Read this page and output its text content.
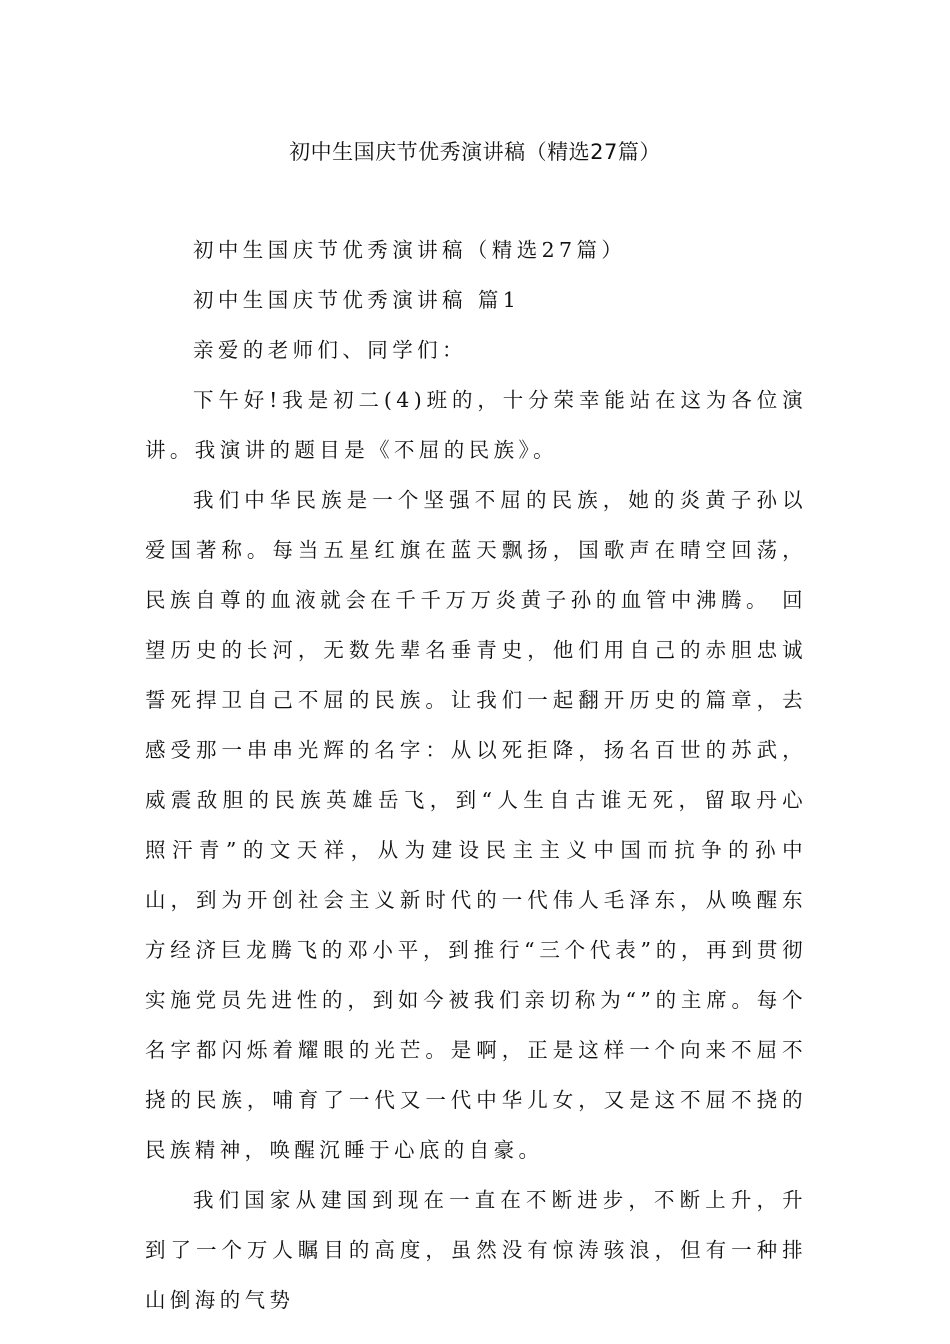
初中生国庆节优秀演讲稿（精选27篇）

初中生国庆节优秀演讲稿（精选27篇）

初中生国庆节优秀演讲稿 篇1

亲爱的老师们、同学们：

下午好!我是初二(4)班的，十分荣幸能站在这为各位演讲。我演讲的题目是《不屈的民族》。

我们中华民族是一个坚强不屈的民族，她的炎黄子孙以爱国著称。每当五星红旗在蓝天飘扬，国歌声在晴空回荡，民族自尊的血液就会在千千万万炎黄子孙的血管中沸腾。 回望历史的长河，无数先辈名垂青史，他们用自己的赤胆忠诚誓死捍卫自己不屈的民族。让我们一起翻开历史的篇章，去感受那一串串光辉的名字：从以死拒降，扬名百世的苏武，威震敌胆的民族英雄岳飞，到“人生自古谁无死，留取丹心照汗青”的文天祥，从为建设民主主义中国而抗争的孙中山，到为开创社会主义新时代的一代伟人毛泽东，从唤醒东方经济巨龙腾飞的邓小平，到推行“三个代表”的，再到贯彻实施党员先进性的，到如今被我们亲切称为“”的主席。每个名字都闪烁着耀眼的光芒。是啊，正是这样一个向来不屈不挠的民族，哺育了一代又一代中华儿女，又是这不屈不挠的民族精神，唤醒沉睡于心底的自豪。

我们国家从建国到现在一直在不断进步，不断上升，升到了一个万人瞩目的高度，虽然没有惊涛骇浪，但有一种排山倒海的气势
